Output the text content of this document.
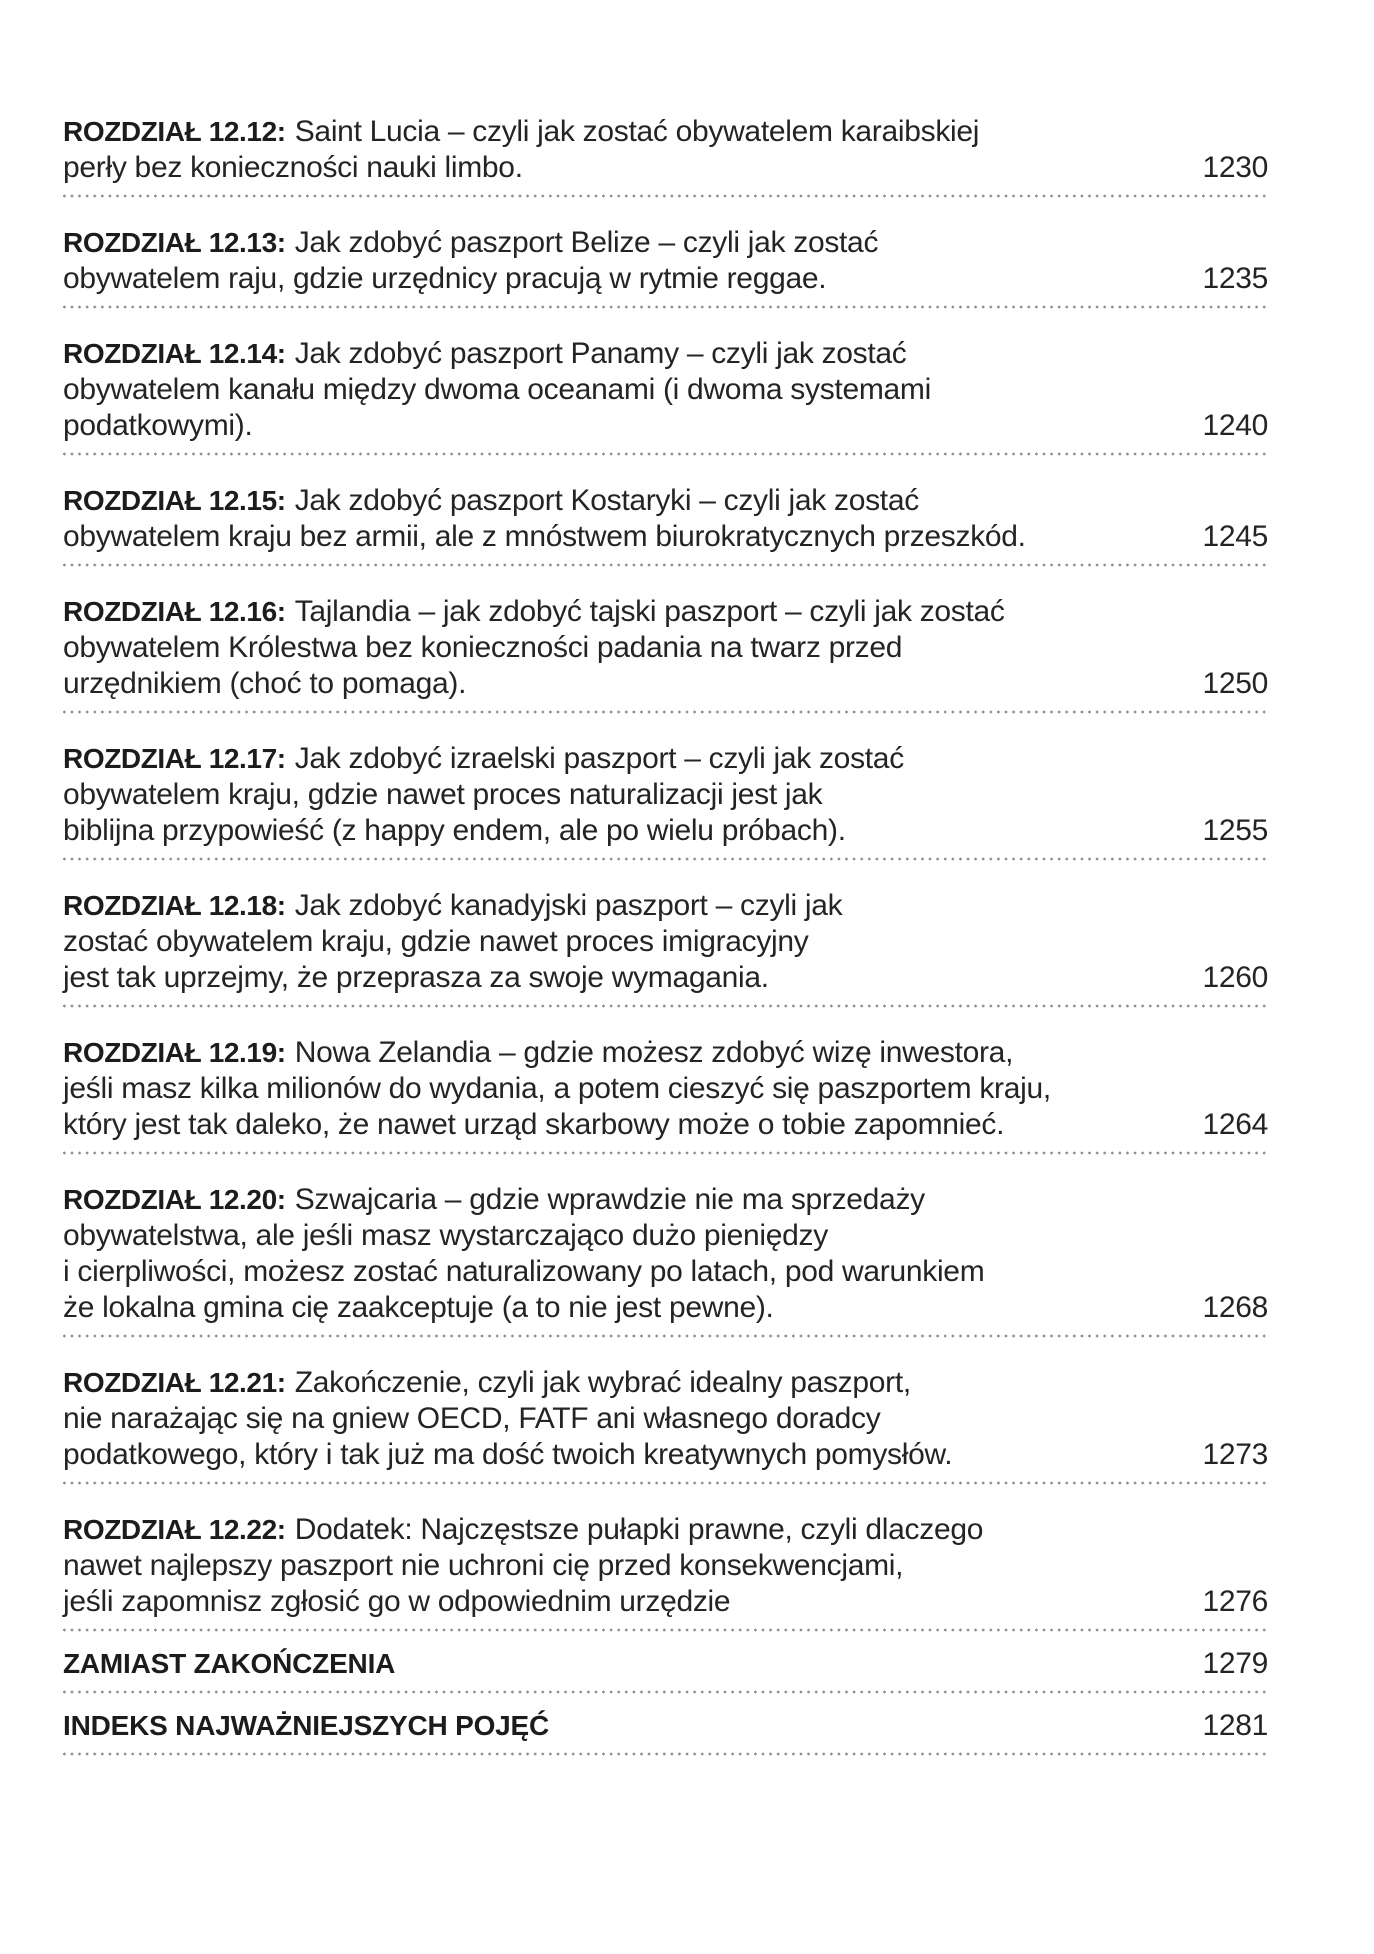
ROZDZIAŁ 12.12: Saint Lucia – czyli jak zostać obywatelem karaibskiej
perły bez konieczności nauki limbo.	1230
ROZDZIAŁ 12.13: Jak zdobyć paszport Belize – czyli jak zostać
obywatelem raju, gdzie urzędnicy pracują w rytmie reggae.	1235
ROZDZIAŁ 12.14: Jak zdobyć paszport Panamy – czyli jak zostać
obywatelem kanału między dwoma oceanami (i dwoma systemami
podatkowymi).	1240
ROZDZIAŁ 12.15: Jak zdobyć paszport Kostaryki – czyli jak zostać
obywatelem kraju bez armii, ale z mnóstwem biurokratycznych przeszkód.	1245
ROZDZIAŁ 12.16: Tajlandia – jak zdobyć tajski paszport – czyli jak zostać
obywatelem Królestwa bez konieczności padania na twarz przed
urzędnikiem (choć to pomaga).	1250
ROZDZIAŁ 12.17: Jak zdobyć izraelski paszport – czyli jak zostać
obywatelem kraju, gdzie nawet proces naturalizacji jest jak
biblijna przypowieść (z happy endem, ale po wielu próbach).	1255
ROZDZIAŁ 12.18: Jak zdobyć kanadyjski paszport – czyli jak
zostać obywatelem kraju, gdzie nawet proces imigracyjny
jest tak uprzejmy, że przeprasza za swoje wymagania.	1260
ROZDZIAŁ 12.19: Nowa Zelandia – gdzie możesz zdobyć wizę inwestora,
jeśli masz kilka milionów do wydania, a potem cieszyć się paszportem kraju,
który jest tak daleko, że nawet urząd skarbowy może o tobie zapomnieć.	1264
ROZDZIAŁ 12.20: Szwajcaria – gdzie wprawdzie nie ma sprzedaży
obywatelstwa, ale jeśli masz wystarczająco dużo pieniędzy
i cierpliwości, możesz zostać naturalizowany po latach, pod warunkiem
że lokalna gmina cię zaakceptuje (a to nie jest pewne).	1268
ROZDZIAŁ 12.21: Zakończenie, czyli jak wybrać idealny paszport,
nie narażając się na gniew OECD, FATF ani własnego doradcy
podatkowego, który i tak już ma dość twoich kreatywnych pomysłów.	1273
ROZDZIAŁ 12.22: Dodatek: Najczęstsze pułapki prawne, czyli dlaczego
nawet najlepszy paszport nie uchroni cię przed konsekwencjami,
jeśli zapomnisz zgłosić go w odpowiednim urzędzie	1276
ZAMIAST ZAKOŃCZENIA	1279
INDEKS NAJWAŻNIEJSZYCH POJĘĆ	1281
